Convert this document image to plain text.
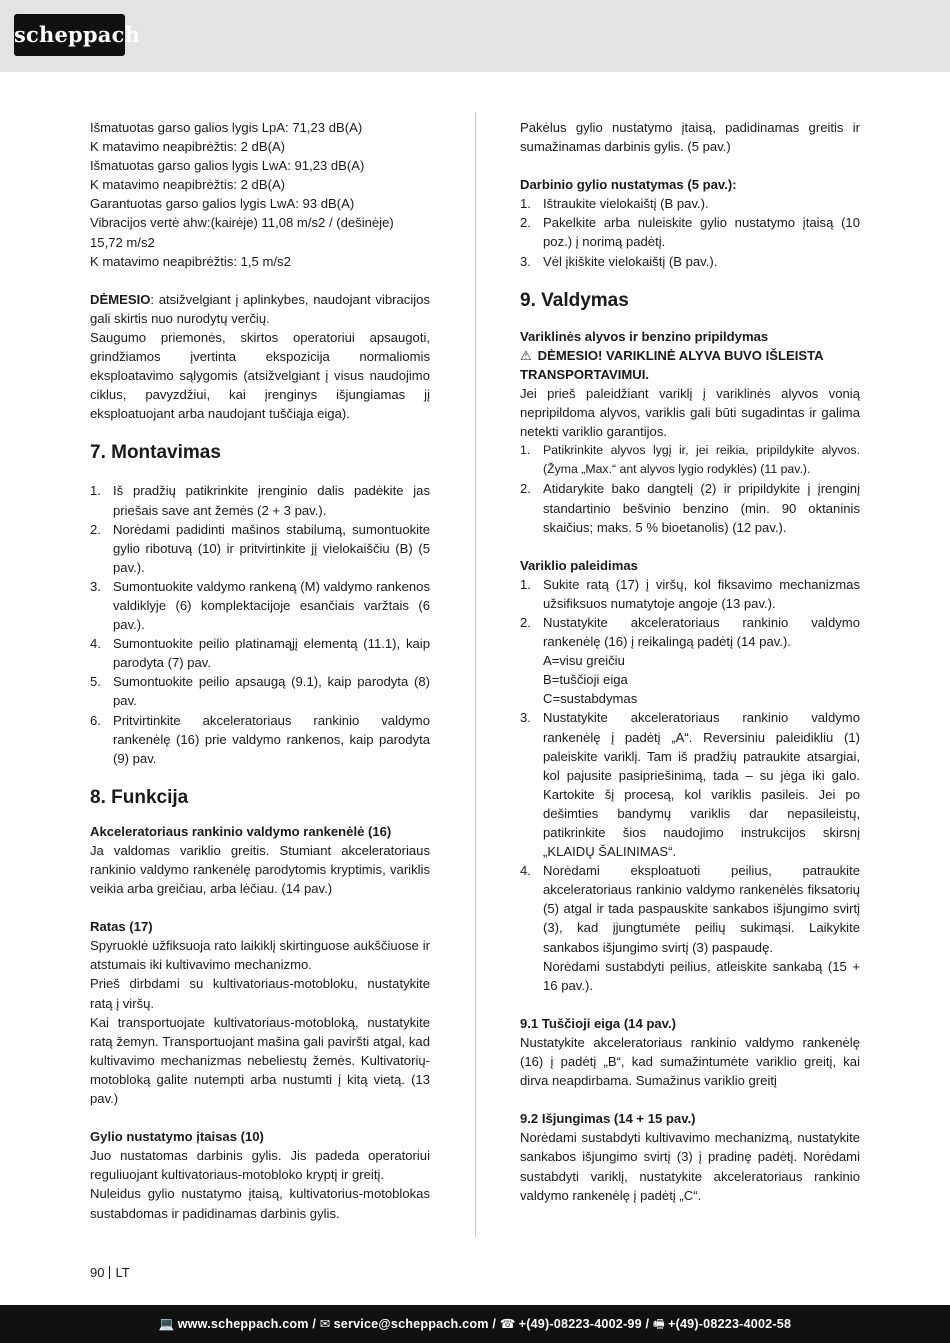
scheppach

Išmatuotas garso galios lygis LpA: 71,23 dB(A)

K matavimo neapibrėžtis: 2 dB(A)

Išmatuotas garso galios lygis LwA: 91,23 dB(A)

K matavimo neapibrėžtis: 2 dB(A)

Garantuotas garso galios lygis LwA: 93 dB(A)

Vibracijos vertė ahw:(kairėje) 11,08 m/s2 / (dešinėje) 15,72 m/s2

K matavimo neapibrėžtis: 1,5 m/s2

DĖMESIO: atsižvelgiant į aplinkybes, naudojant vibracijos gali skirtis nuo nurodytų verčių.

Saugumo priemonės, skirtos operatoriui apsaugoti, grindžiamos įvertinta ekspozicija normaliomis eksploatavimo sąlygomis (atsižvelgiant į visus naudojimo ciklus, pavyzdžiui, kai įrenginys išjungiamas jį eksploatuojant arba naudojant tuščiąja eiga).

7. Montavimas
1. Iš pradžių patikrinkite įrenginio dalis padėkite jas priešais save ant žemės (2 + 3 pav.).
2. Norėdami padidinti mašinos stabilumą, sumontuokite gylio ribotuvą (10) ir pritvirtinkite jį vielokaiščiu (B) (5 pav.).
3. Sumontuokite valdymo rankeną (M) valdymo rankenos valdiklyje (6) komplektacijoje esančiais varžtais (6 pav.).
4. Sumontuokite peilio platinamąjį elementą (11.1), kaip parodyta (7) pav.
5. Sumontuokite peilio apsaugą (9.1), kaip parodyta (8) pav.
6. Pritvirtinkite akceleratoriaus rankinio valdymo rankenėlę (16) prie valdymo rankenos, kaip parodyta (9) pav.
8. Funkcija

Akceleratoriaus rankinio valdymo rankenėlė (16)

Ja valdomas variklio greitis. Stumiant akceleratoriaus rankinio valdymo rankenėlę parodytomis kryptimis, variklis veikia arba greičiau, arba lėčiau. (14 pav.)

Ratas (17)

Spyruoklė užfiksuoja rato laikiklį skirtinguose aukščiuose ir atstumais iki kultivavimo mechanizmo.

Prieš dirbdami su kultivatoriaus-motobloku, nustatykite ratą į viršų.

Kai transportuojate kultivatoriaus-motobloką, nustatykite ratą žemyn. Transportuojant mašina gali paviršti atgal, kad kultivavimo mechanizmas nebeliestų žemės. Kultivatorių-motobloką galite nutempti arba nustumti į kitą vietą. (13 pav.)

Gylio nustatymo įtaisas (10)

Juo nustatomas darbinis gylis. Jis padeda operatoriui reguliuojant kultivatoriaus-motobloko kryptį ir greitį.

Nuleidus gylio nustatymo įtaisą, kultivatorius-motoblokas sustabdomas ir padidinamas darbinis gylis.

Pakėlus gylio nustatymo įtaisą, padidinamas greitis ir sumažinamas darbinis gylis. (5 pav.)

Darbinio gylio nustatymas (5 pav.):

1. Ištraukite vielokaištį (B pav.).
2. Pakelkite arba nuleiskite gylio nustatymo įtaisą (10 poz.) į norimą padėtį.
3. Vėl įkiškite vielokaištį (B pav.).
9. Valdymas

Variklinės alyvos ir benzino pripildymas

⚠ DĖMESIO! VARIKLINĖ ALYVA BUVO IŠLEISTA TRANSPORTAVIMUI.

Jei prieš paleidžiant variklį į variklinės alyvos vonią nepripildoma alyvos, variklis gali būti sugadintas ir galima netekti variklio garantijos.

1. Patikrinkite alyvos lygį ir, jei reikia, pripildykite alyvos. (Žyma „Max.“ ant alyvos lygio rodyklės) (11 pav.).
2. Atidarykite bako dangtelį (2) ir pripildykite į įrenginį standartinio bešvinio benzino (min. 90 oktaninis skaičius; maks. 5 % bioetanolis) (12 pav.).

Variklio paleidimas

1. Sukite ratą (17) į viršų, kol fiksavimo mechanizmas užsifiksuos numatytoje angoje (13 pav.).
2. Nustatykite akceleratoriaus rankinio valdymo rankenėlę (16) į reikalingą padėtį (14 pav.).
A=visu greičiu
B=tuščioji eiga
C=sustabdymas
3. Nustatykite akceleratoriaus rankinio valdymo rankenėlę į padėtį „A“. Reversiniu paleidikliu (1) paleiskite variklį. Tam iš pradžių patraukite atsargiai, kol pajusite pasipriešinimą, tada – su jėga iki galo. Kartokite šį procesą, kol variklis pasileis. Jei po dešimties bandymų variklis dar nepasileistų, patikrinkite šios naudojimo instrukcijos skirsnį „KLAIDŲ ŠALINIMAS“.
4. Norėdami eksploatuoti peilius, patraukite akceleratoriaus rankinio valdymo rankenėlės fiksatorių (5) atgal ir tada paspauskite sankabos išjungimo svirtį (3), kad įjungtumėte peilių sukimąsi. Laikykite sankabos išjungimo svirtį (3) paspaudę.
Norėdami sustabdyti peilius, atleiskite sankabą (15 + 16 pav.).

9.1 Tuščioji eiga (14 pav.)

Nustatykite akceleratoriaus rankinio valdymo rankenėlę (16) į padėtį „B“, kad sumažintumėte variklio greitį, kai dirva neapdirbama. Sumažinus variklio greitį

9.2 Išjungimas (14 + 15 pav.)

Norėdami sustabdyti kultivavimo mechanizmą, nustatykite sankabos išjungimo svirtį (3) į pradinę padėtį. Norėdami sustabdyti variklį, nustatykite akceleratoriaus rankinio valdymo rankenėlę į padėtį „C“.

90 LT
💻 www.scheppach.com / ✉ service@scheppach.com / ☎ +(49)-08223-4002-99 / 🖷 +(49)-08223-4002-58
